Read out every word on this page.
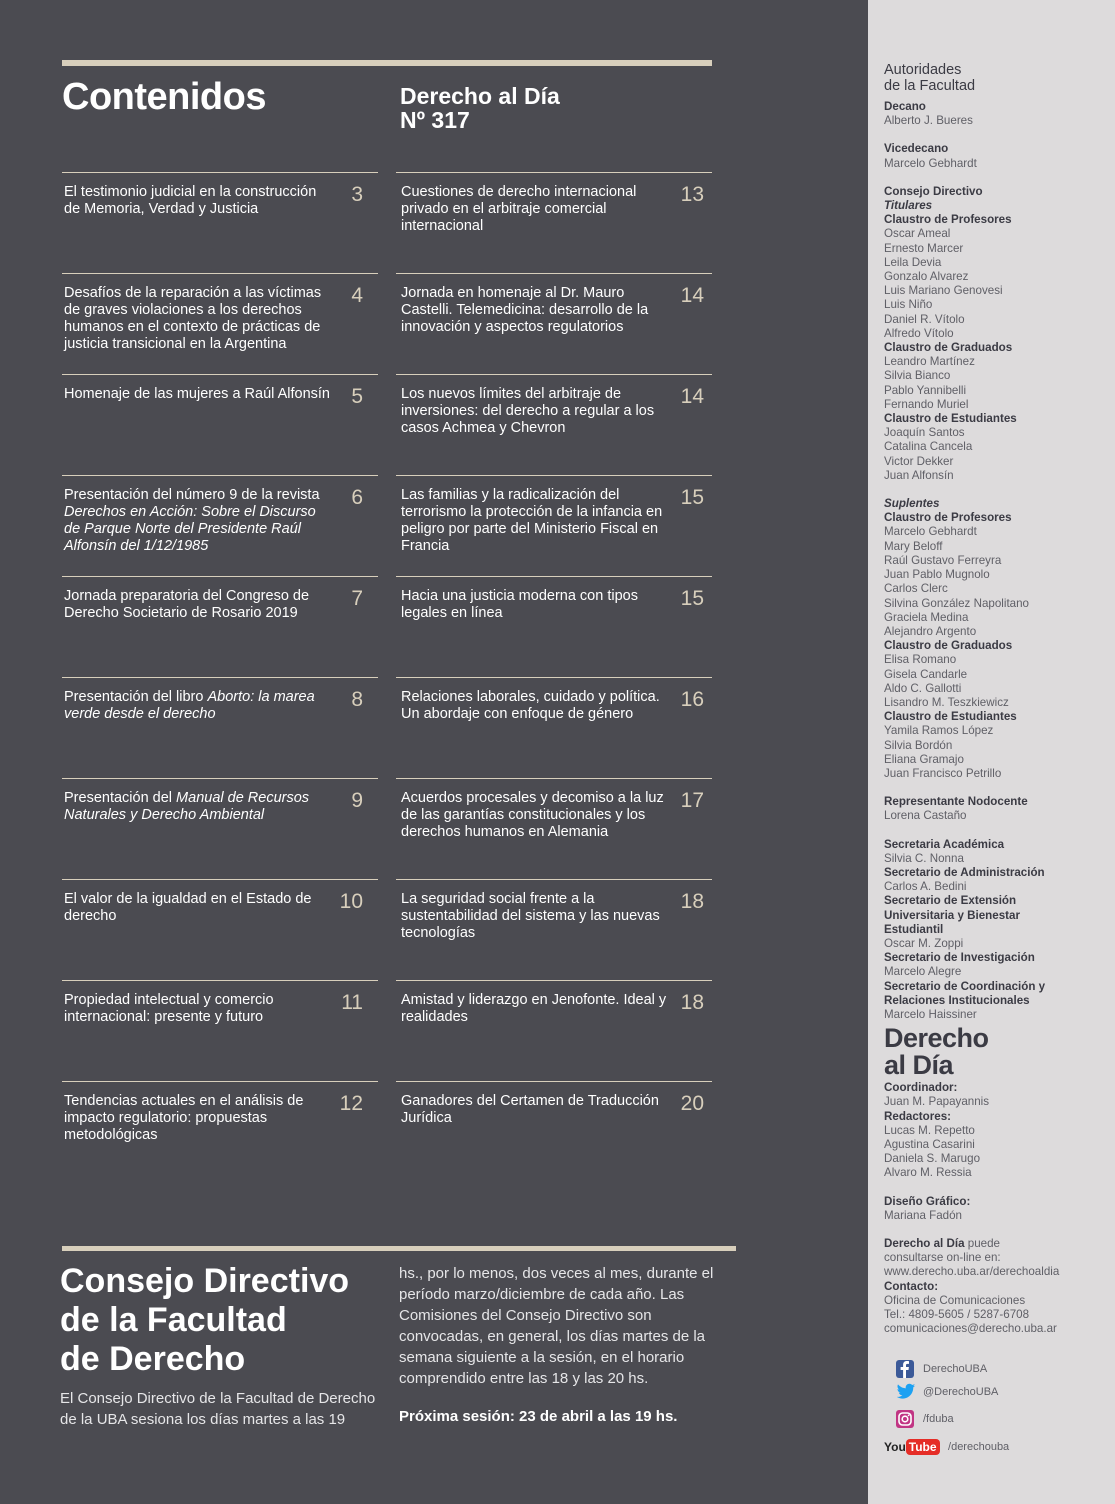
Autoridades
de la Facultad
Decano
Alberto J. Bueres
Vicedecano
Marcelo Gebhardt
Consejo Directivo
Titulares
Claustro de Profesores
Oscar Ameal
Ernesto Marcer
Leila Devia
Gonzalo Alvarez
Luis Mariano Genovesi
Luis Niño
Daniel R. Vítolo
Alfredo Vítolo
Claustro de Graduados
Leandro Martínez
Silvia Bianco
Pablo Yannibelli
Fernando Muriel
Claustro de Estudiantes
Joaquín Santos
Catalina Cancela
Victor Dekker
Juan Alfonsín
Suplentes
Claustro de Profesores
Marcelo Gebhardt
Mary Beloff
Raúl Gustavo Ferreyra
Juan Pablo Mugnolo
Carlos Clerc
Silvina González Napolitano
Graciela Medina
Alejandro Argento
Claustro de Graduados
Elisa Romano
Gisela Candarle
Aldo C. Gallotti
Lisandro M. Teszkiewicz
Claustro de Estudiantes
Yamila Ramos López
Silvia Bordón
Eliana Gramajo
Juan Francisco Petrillo
Representante Nodocente
Lorena Castaño
Secretaria Académica
Silvia C. Nonna
Secretario de Administración
Carlos A. Bedini
Secretario de Extensión
Universitaria y Bienestar
Estudiantil
Oscar M. Zoppi
Secretario de Investigación
Marcelo Alegre
Secretario de Coordinación y
Relaciones Institucionales
Marcelo Haissiner
Derecho
al Día
Coordinador:
Juan M. Papayannis
Redactores:
Lucas M. Repetto
Agustina Casarini
Daniela S. Marugo
Alvaro M. Ressia
Diseño Gráfico:
Mariana Fadón
Derecho al Día puede
consultarse on-line en:
www.derecho.uba.ar/derechoaldia
Contacto:
Oficina de Comunicaciones
Tel.: 4809-5605 / 5287-6708
comunicaciones@derecho.uba.ar
Contenidos	Derecho al Día
Nº 317
El testimonio judicial en la construcción de Memoria, Verdad y Justicia
3
Desafíos de la reparación a las víctimas de graves violaciones a los derechos humanos en el contexto de prácticas de justicia transicional en la Argentina
4
Homenaje de las mujeres a Raúl Alfonsín 5
Presentación del número 9 de la revista Derechos en Acción: Sobre el Discurso de Parque Norte del Presidente Raúl Alfonsín del 1/12/1985
6
Jornada preparatoria del Congreso de Derecho Societario de Rosario 2019
7
Presentación del libro Aborto: la marea verde desde el derecho
8
Presentación del Manual de Recursos Naturales y Derecho Ambiental
9
El valor de la igualdad en el Estado de derecho
10
Propiedad intelectual y comercio internacional: presente y futuro
11
Tendencias actuales en el análisis de impacto regulatorio: propuestas metodológicas
12
Cuestiones de derecho internacional privado en el arbitraje comercial internacional
13
Jornada en homenaje al Dr. Mauro Castelli. Telemedicina: desarrollo de la innovación y aspectos regulatorios
14
Los nuevos límites del arbitraje de inversiones: del derecho a regular a los casos Achmea y Chevron
14
Las familias y la radicalización del terrorismo la protección de la infancia en peligro por parte del Ministerio Fiscal en Francia
15
Hacia una justicia moderna con tipos legales en línea
15
Relaciones laborales, cuidado y política. Un abordaje con enfoque de género
16
Acuerdos procesales y decomiso a la luz de las garantías constitucionales y los derechos humanos en Alemania
17
La seguridad social frente a la sustentabilidad del sistema y las nuevas tecnologías
18
Amistad y liderazgo en Jenofonte. Ideal y realidades
18
Ganadores del Certamen de Traducción Jurídica
20
Consejo Directivo
de la Facultad
de Derecho
El Consejo Directivo de la Facultad de Derecho de la UBA sesiona los días martes a las 19
hs., por lo menos, dos veces al mes, durante el período marzo/diciembre de cada año. Las Comisiones del Consejo Directivo son convocadas, en general, los días martes de la semana siguiente a la sesión, en el horario comprendido entre las 18 y las 20 hs.
Próxima sesión: 23 de abril a las 19 hs.
DerechoUBA
@DerechoUBA
/fduba
You Tube /derechouba
